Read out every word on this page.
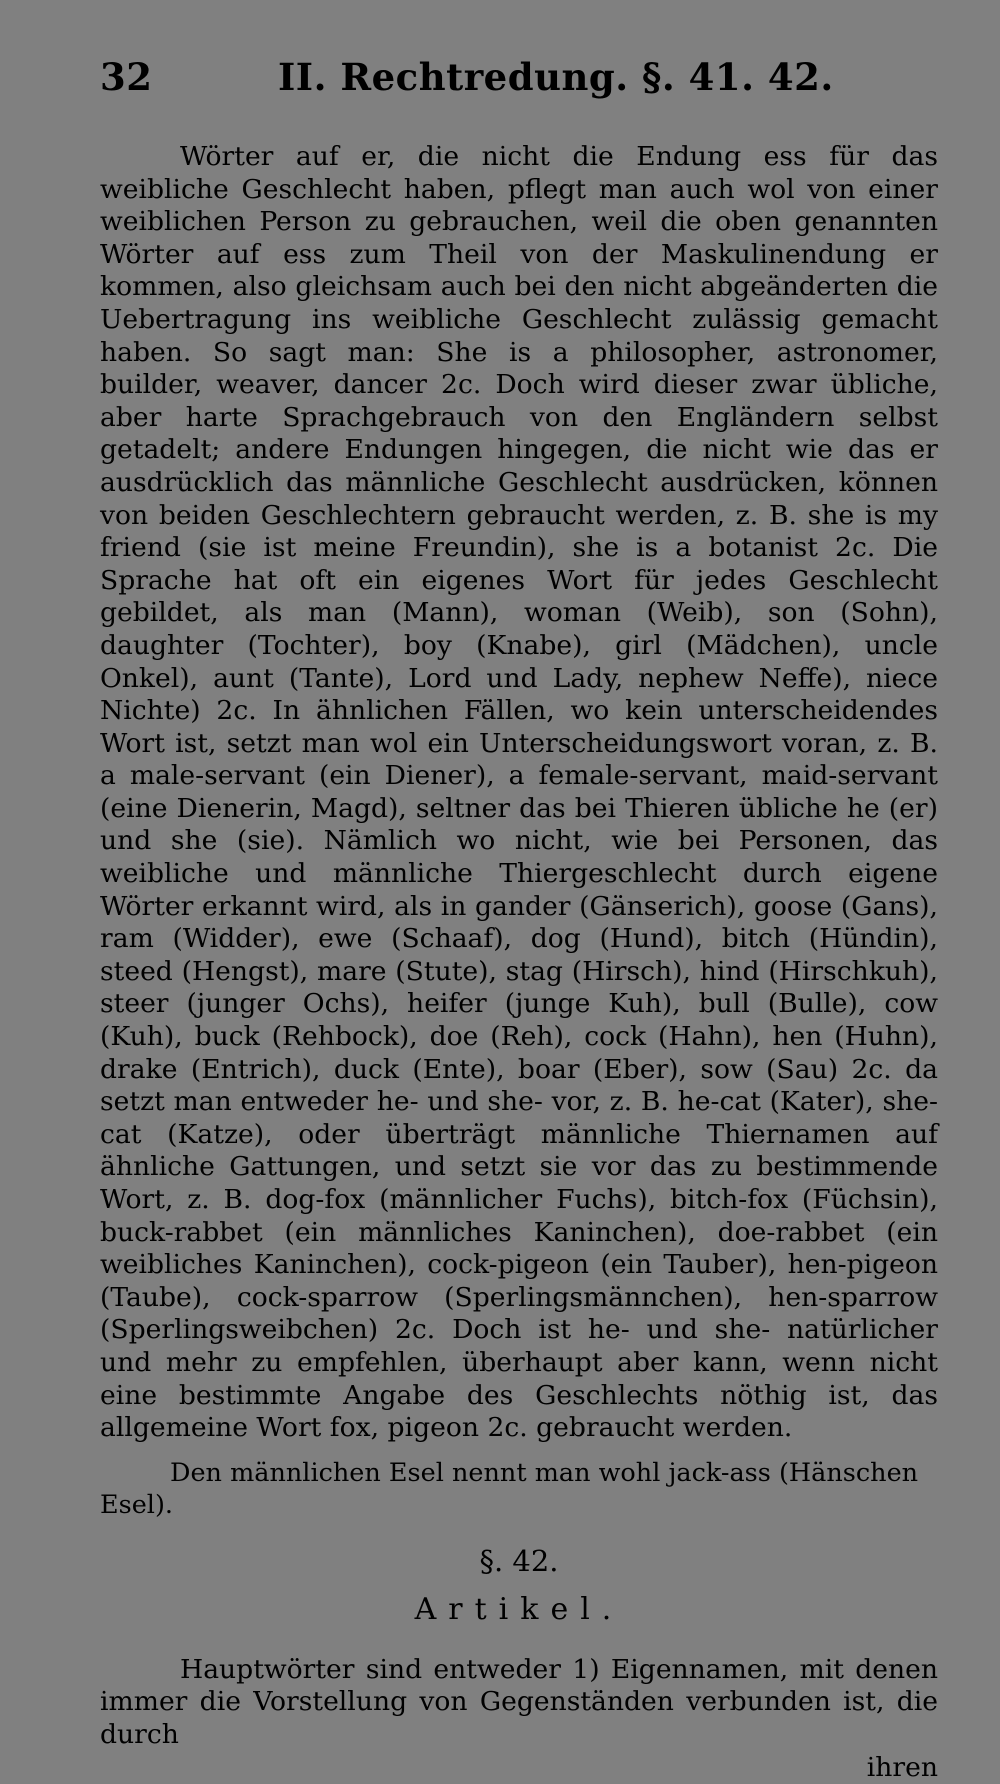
32	II. Rechtredung. §. 41. 42.

Wörter auf er, die nicht die Endung ess für das weibliche Geschlecht haben, pflegt man auch wol von einer weiblichen Person zu gebrauchen, weil die oben genannten Wörter auf ess zum Theil von der Maskulinendung er kommen, also gleichsam auch bei den nicht abgeänderten die Uebertragung ins weibliche Geschlecht zulässig gemacht haben. So sagt man: She is a philosopher, astronomer, builder, weaver, dancer 2c. Doch wird dieser zwar übliche, aber harte Sprachgebrauch von den Engländern selbst getadelt; andere Endungen hingegen, die nicht wie das er ausdrücklich das männliche Geschlecht ausdrücken, können von beiden Geschlechtern gebraucht werden, z. B. she is my friend (sie ist meine Freundin), she is a botanist 2c. Die Sprache hat oft ein eigenes Wort für jedes Geschlecht gebildet, als man (Mann), woman (Weib), son (Sohn), daughter (Tochter), boy (Knabe), girl (Mädchen), uncle Onkel), aunt (Tante), Lord und Lady, nephew Neffe), niece Nichte) 2c. In ähnlichen Fällen, wo kein unterscheidendes Wort ist, setzt man wol ein Unterscheidungswort voran, z. B. a male-servant (ein Diener), a female-servant, maid-servant (eine Dienerin, Magd), seltner das bei Thieren übliche he (er) und she (sie). Nämlich wo nicht, wie bei Personen, das weibliche und männliche Thiergeschlecht durch eigene Wörter erkannt wird, als in gander (Gänserich), goose (Gans), ram (Widder), ewe (Schaaf), dog (Hund), bitch (Hündin), steed (Hengst), mare (Stute), stag (Hirsch), hind (Hirschkuh), steer (junger Ochs), heifer (junge Kuh), bull (Bulle), cow (Kuh), buck (Rehbock), doe (Reh), cock (Hahn), hen (Huhn), drake (Entrich), duck (Ente), boar (Eber), sow (Sau) 2c. da setzt man entweder he- und she- vor, z. B. he-cat (Kater), she-cat (Katze), oder überträgt männliche Thiernamen auf ähnliche Gattungen, und setzt sie vor das zu bestimmende Wort, z. B. dog-fox (männlicher Fuchs), bitch-fox (Füchsin), buck-rabbet (ein männliches Kaninchen), doe-rabbet (ein weibliches Kaninchen), cock-pigeon (ein Tauber), hen-pigeon (Taube), cock-sparrow (Sperlingsmännchen), hen-sparrow (Sperlingsweibchen) 2c. Doch ist he- und she- natürlicher und mehr zu empfehlen, überhaupt aber kann, wenn nicht eine bestimmte Angabe des Geschlechts nöthig ist, das allgemeine Wort fox, pigeon 2c. gebraucht werden.

Den männlichen Esel nennt man wohl jack-ass (Hänschen Esel).
§. 42.
Artikel.

Hauptwörter sind entweder 1) Eigennamen, mit denen immer die Vorstellung von Gegenständen verbunden ist, die durch

ihren
